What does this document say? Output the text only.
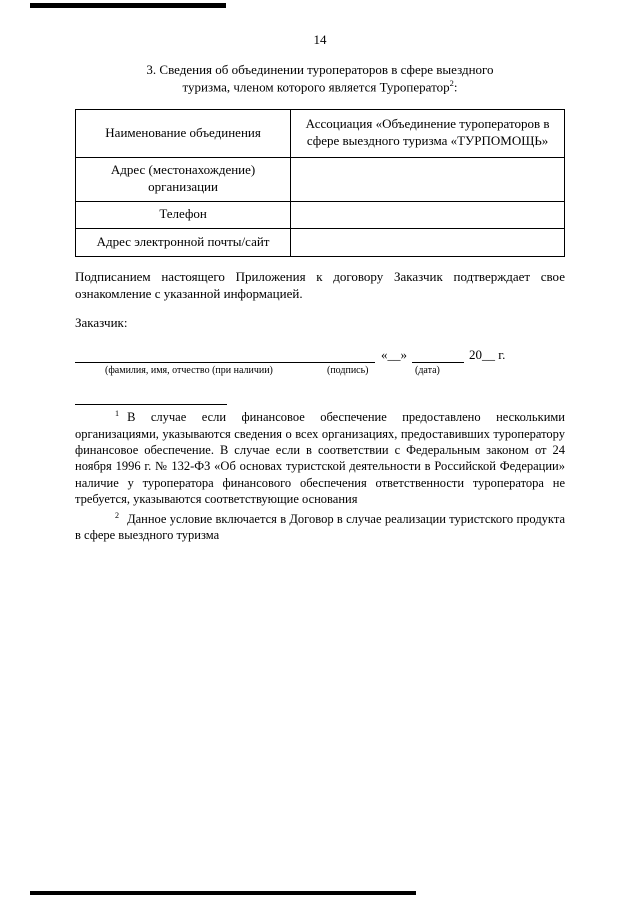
14
3. Сведения об объединении туроператоров в сфере выездного
туризма, членом которого является Туроператор$^2$:
Наименование объединения	Ассоциация «Объединение туроператоров в сфере выездного туризма «ТУРПОМОЩЬ»
Адрес (местонахождение) организации	
Телефон	
Адрес электронной почты/сайт	

Подписанием настоящего Приложения к договору Заказчик подтверждает свое ознакомление с указанной информацией.

Заказчик:
«__»	20__ г.
(фамилия, имя, отчество (при наличии)	(подпись)	(дата)

$^1$ В случае если финансовое обеспечение предоставлено несколькими организациями, указываются сведения о всех организациях, предоставивших туроператору финансовое обеспечение. В случае если в соответствии с Федеральным законом от 24 ноября 1996 г. № 132-ФЗ «Об основах туристской деятельности в Российской Федерации» наличие у туроператора финансового обеспечения ответственности туроператора не требуется, указываются соответствующие основания

$^2$ Данное условие включается в Договор в случае реализации туристского продукта в сфере выездного туризма
